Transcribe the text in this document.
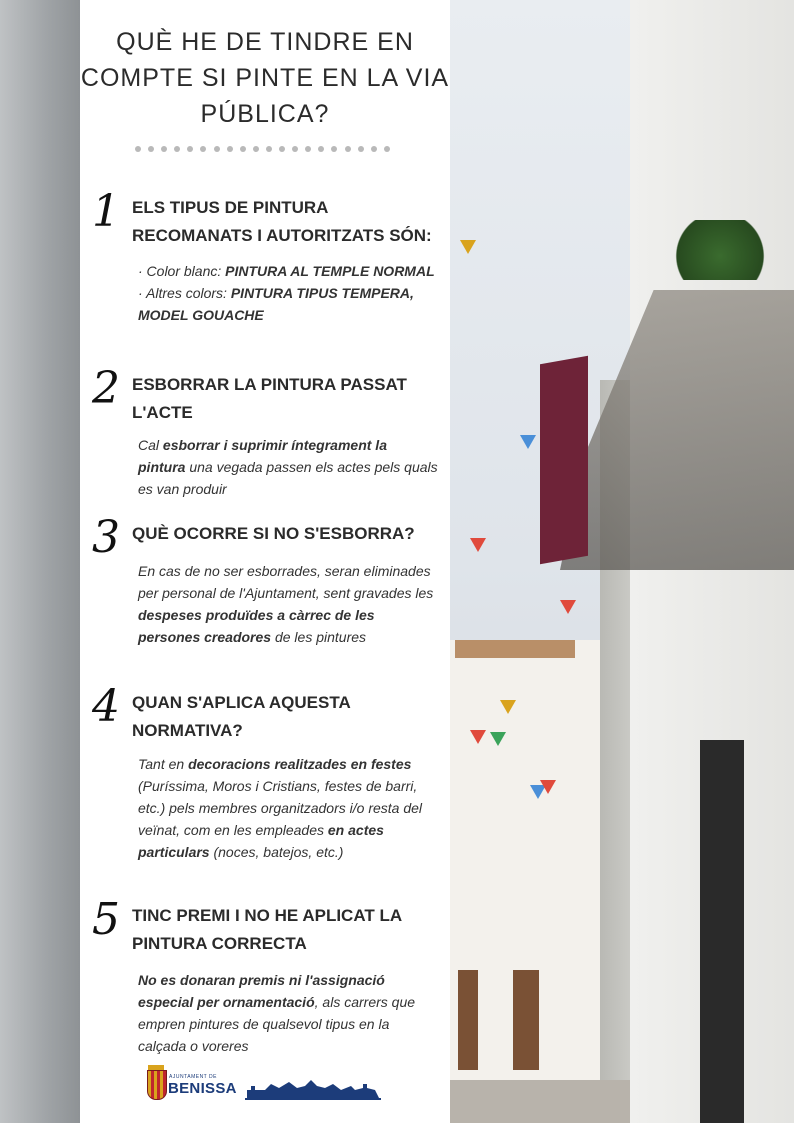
QUÈ HE DE TINDRE EN COMPTE SI PINTE EN LA VIA PÚBLICA?
1 ELS TIPUS DE PINTURA RECOMANATS I AUTORITZATS SÓN:

· Color blanc: PINTURA AL TEMPLE NORMAL
· Altres colors: PINTURA TIPUS TEMPERA, MODEL GOUACHE

2 ESBORRAR LA PINTURA PASSAT L'ACTE

Cal esborrar i suprimir íntegrament la pintura una vegada passen els actes pels quals es van produir

3 QUÈ OCORRE SI NO S'ESBORRA?

En cas de no ser esborrades, seran eliminades per personal de l'Ajuntament, sent gravades les despeses produïdes a càrrec de les persones creadores de les pintures

4 QUAN S'APLICA AQUESTA NORMATIVA?

Tant en decoracions realitzades en festes (Puríssima, Moros i Cristians, festes de barri, etc.) pels membres organitzadors i/o resta del veïnat, com en les empleades en actes particulars (noces, batejos, etc.)

5 TINC PREMI I NO HE APLICAT LA PINTURA CORRECTA

No es donaran premis ni l'assignació especial per ornamentació, als carrers que empren pintures de qualsevol tipus en la calçada o voreres

AJUNTAMENT DE
BENISSA
